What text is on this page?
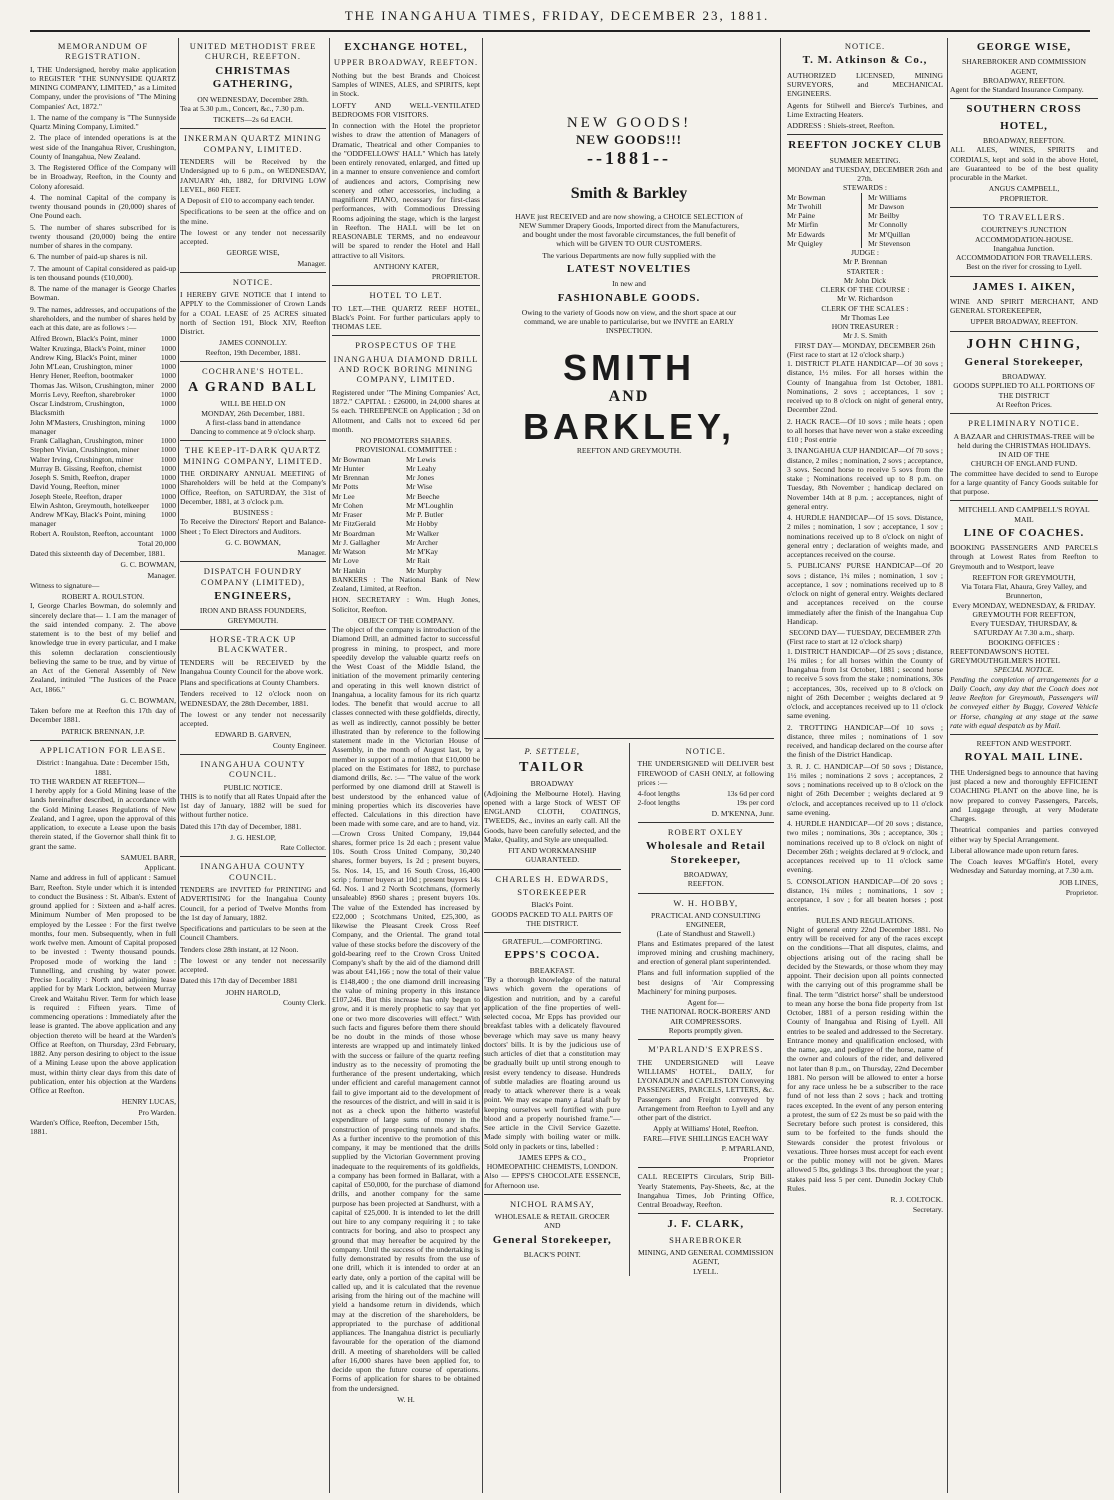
THE INANGAHUA TIMES, FRIDAY, DECEMBER 23, 1881.
MEMORANDUM OF REGISTRATION.

I, THE Undersigned, hereby make application to REGISTER "THE SUNNYSIDE QUARTZ MINING COMPANY, LIMITED," as a Limited Company, under the provisions of "The Mining Companies' Act, 1872."

1. The name of the company is "The Sunnyside Quartz Mining Company, Limited."

2. The place of intended operations is at the west side of the Inangahua River, Crushington, County of Inangahua, New Zealand.

3. The Registered Office of the Company will be in Broadway, Reefton, in the County and Colony aforesaid.

4. The nominal Capital of the company is twenty thousand pounds in (20,000) shares of One Pound each.

5. The number of shares subscribed for is twenty thousand (20,000) being the entire number of shares in the company.

6. The number of paid-up shares is nil.

7. The amount of Capital considered as paid-up is ten thousand pounds (£10,000).

8. The name of the manager is George Charles Bowman.

9. The names, addresses, and occupations of the shareholders, and the number of shares held by each at this date, are as follows :—

Alfred Brown, Black's Point, miner	1000
Walter Kruzinga, Black's Point, miner 1000
Andrew King, Black's Point, miner	1000
John M'Lean, Crushington, miner	1000
Henry Hener, Reefton, bootmaker	1000
Thomas Jas. Wilson, Crushington, miner 2000
Morris Levy, Reefton, sharebroker	1000
Oscar Lindstrom, Crushington, Blacksmith
1000
John M'Masters, Crushington, mining manager
1000
Frank Callaghan, Crushington, miner 1000
Stephen Vivian, Crushington, miner	1000
Walter Irving, Crushington, miner	1000
Murray B. Gissing, Reefton, chemist 1000
Joseph S. Smith, Reefton, draper	1000
David Young, Reefton, miner	1000
Joseph Steele, Reefton, draper	1000
Elwin Ashton, Greymouth, hotelkeeper 1000
Andrew M'Kay, Black's Point, mining manager
1000
Robert A. Roulston, Reefton, accountant 1000
Total 20,000

Dated this sixteenth day of December, 1881.

G. C. BOWMAN,
Manager.

Witness to signature—

ROBERT A. ROULSTON.

I, George Charles Bowman, do solemnly and sincerely declare that— 1. I am the manager of the said intended company. 2. The above statement is to the best of my belief and knowledge true in every particular, and I make this solemn declaration conscientiously believing the same to be true, and by virtue of an Act of the General Assembly of New Zealand, intituled "The Justices of the Peace Act, 1866."

G. C. BOWMAN,

Taken before me at Reefton this 17th day of December 1881.

PATRICK BRENNAN, J.P.
APPLICATION FOR LEASE.
District : Inangahua. Date : December 15th, 1881.
TO THE WARDEN AT REEFTON—

I hereby apply for a Gold Mining lease of the lands hereinafter described, in accordance with the Gold Mining Leases Regulations of New Zealand, and I agree, upon the approval of this application, to execute a Lease upon the basis therein stated, if the Governor shall think fit to grant the same.

SAMUEL BARR,
Applicant.

Name and address in full of applicant : Samuel Barr, Reefton. Style under which it is intended to conduct the Business : St. Alban's. Extent of ground applied for : Sixteen and a-half acres. Minimum Number of Men proposed to be employed by the Lessee : For the first twelve months, four men. Subsequently, when in full work twelve men. Amount of Capital proposed to be invested : Twenty thousand pounds. Proposed mode of working the land : Tunnelling, and crushing by water power. Precise Locality : North and adjoining lease applied for by Mark Lockton, between Murray Creek and Waitahu River. Term for which lease is required : Fifteen years. Time of commencing operations : Immediately after the lease is granted. The above application and any objection thereto will be heard at the Warden's Office at Reefton, on Thursday, 23rd February, 1882. Any person desiring to object to the issue of a Mining Lease upon the above application must, within thirty clear days from this date of publication, enter his objection at the Wardens Office at Reefton.

HENRY LUCAS,
Pro Warden.
Warden's Office, Reefton, December 15th, 1881.
UNITED METHODIST FREE CHURCH, REEFTON.
CHRISTMAS GATHERING,
ON WEDNESDAY, December 28th.

Tea at 5.30 p.m., Concert, &c., 7.30 p.m.

TICKETS—2s 6d EACH.
INKERMAN QUARTZ MINING COMPANY, LIMITED.

TENDERS will be Received by the Undersigned up to 6 p.m., on WEDNESDAY, JANUARY 4th, 1882, for DRIVING LOW LEVEL, 860 FEET.

A Deposit of £10 to accompany each tender.

Specifications to be seen at the office and on the mine.

The lowest or any tender not necessarily accepted.

GEORGE WISE,
Manager.
NOTICE.

I HEREBY GIVE NOTICE that I intend to APPLY to the Commissioner of Crown Lands for a COAL LEASE of 25 ACRES situated north of Section 191, Block XIV, Reefton District.

JAMES CONNOLLY.
Reefton, 19th December, 1881.
COCHRANE'S HOTEL.
A GRAND BALL
WILL BE HELD ON
MONDAY, 26th December, 1881.
A first-class band in attendance
Dancing to commence at 9 o'clock sharp.
THE KEEP-IT-DARK QUARTZ MINING COMPANY, LIMITED.

THE ORDINARY ANNUAL MEETING of Shareholders will be held at the Company's Office, Reefton, on SATURDAY, the 31st of December, 1881, at 3 o'clock p.m.

BUSINESS :

To Receive the Directors' Report and Balance-Sheet ; To Elect Directors and Auditors.

G. C. BOWMAN,
Manager.
DISPATCH FOUNDRY COMPANY (LIMITED),
ENGINEERS,
IRON AND BRASS FOUNDERS,
GREYMOUTH.
HORSE-TRACK UP BLACKWATER.

TENDERS will be RECEIVED by the Inangahua County Council for the above work.

Plans and specifications at County Chambers.

Tenders received to 12 o'clock noon on WEDNESDAY, the 28th December, 1881.

The lowest or any tender not necessarily accepted.

EDWARD B. GARVEN,
County Engineer.
INANGAHUA COUNTY COUNCIL.
PUBLIC NOTICE.

THIS is to notify that all Rates Unpaid after the 1st day of January, 1882 will be sued for without further notice.

Dated this 17th day of December, 1881.

J. G. HESLOP,
Rate Collector.
INANGAHUA COUNTY COUNCIL.

TENDERS are INVITED for PRINTING and ADVERTISING for the Inangahua County Council, for a period of Twelve Months from the 1st day of January, 1882.

Specifications and particulars to be seen at the Council Chambers.

Tenders close 28th instant, at 12 Noon.

The lowest or any tender not necessarily accepted.

Dated this 17th day of December 1881

JOHN HAROLD,
County Clerk.
EXCHANGE HOTEL,
UPPER BROADWAY, REEFTON.

Nothing but the best Brands and Choicest Samples of WINES, ALES, and SPIRITS, kept in Stock.

LOFTY AND WELL-VENTILATED BEDROOMS FOR VISITORS.

In connection with the Hotel the proprietor wishes to draw the attention of Managers of Dramatic, Theatrical and other Companies to the "ODDFELLOWS' HALL" Which has lately been entirely renovated, enlarged, and fitted up in a manner to ensure convenience and comfort of audiences and actors, Comprising new scenery and other accessories, including a magnificent PIANO, necessary for first-class performances, with Commodious Dressing Rooms adjoining the stage, which is the largest in Reefton. The HALL will be let on REASONABLE TERMS, and no endeavour will be spared to render the Hotel and Hall attractive to all Visitors.

ANTHONY KATER,
PROPRIETOR.
HOTEL TO LET.

TO LET.—THE QUARTZ REEF HOTEL, Black's Point. For further particulars apply to THOMAS LEE.

PROSPECTUS OF THE
INANGAHUA DIAMOND DRILL AND ROCK BORING MINING COMPANY, LIMITED.

Registered under "The Mining Companies' Act, 1872." CAPITAL : £26000, in 24,000 shares at 5s each. THREEPENCE on Application ; 3d on Allotment, and Calls not to exceed 6d per month.

NO PROMOTERS SHARES.
PROVISIONAL COMMITTEE :
Mr Bowman	Mr Lewis
Mr Hunter	Mr Leahy
Mr Brennan	Mr Jones
Mr Potts	Mr Wise
Mr Lee	Mr Beeche
Mr Cohen	Mr M'Loughlin
Mr Fraser	Mr P. Butler
Mr FitzGerald	Mr Hobby
Mr Boardman	Mr Walker
Mr J. Gallagher	Mr Archer
Mr Watson	Mr M'Kay
Mr Love	Mr Rait
Mr Hankin	Mr Murphy

BANKERS : The National Bank of New Zealand, Limited, at Reefton.

HON. SECRETARY : Wm. Hugh Jones, Solicitor, Reefton.

OBJECT OF THE COMPANY.

The object of the company is introduction of the Diamond Drill, an admitted factor to successful progress in mining, to prospect, and more speedily develop the valuable quartz reefs on the West Coast of the Middle Island, the initiation of the movement primarily centering and operating in this well known district of Inangahua, a locality famous for its rich quartz lodes. The benefit that would accrue to all classes connected with these goldfields, directly, as well as indirectly, cannot possibly be better illustrated than by reference to the following statement made in the Victorian House of Assembly, in the month of August last, by a member in support of a motion that £10,000 be placed on the Estimates for 1882, to purchase diamond drills, &c. :— "The value of the work performed by one diamond drill at Stawell is best understood by the enhanced value of mining properties which its discoveries have effected. Calculations in this direction have been made with some care, and are to hand, viz.—Crown Cross United Company, 19,044 shares, former price 1s 2d each ; present value 10s. South Cross United Company, 30,240 shares, former buyers, 1s 2d ; present buyers, 5s. Nos. 14, 15, and 16 South Cross, 16,400 scrip ; former buyers at 10d ; present buyers 14s 6d. Nos. 1 and 2 North Scotchmans, (formerly unsaleable) 8960 shares ; present buyers 10s. The value of the Extended has increased by £22,000 ; Scotchmans United, £25,300, as likewise the Pleasant Creek Cross Reef Company, and the Oriental. The grand total value of these stocks before the discovery of the gold-bearing reef to the Crown Cross United Company's shaft by the aid of the diamond drill was about £41,166 ; now the total of their value is £148,400 ; the one diamond drill increasing the value of mining property in this instance £107,246. But this increase has only begun to grow, and it is merely prophetic to say that yet one or two more discoveries will effect." With such facts and figures before them there should be no doubt in the minds of those whose interests are wrapped up and intimately linked with the success or failure of the quartz reefing industry as to the necessity of promoting the furtherance of the present undertaking, which under efficient and careful management cannot fail to give important aid to the development of the resources of the district, and will in said it is not as a check upon the hitherto wasteful expenditure of large sums of money in the construction of prospecting tunnels and shafts. As a further incentive to the promotion of this company, it may be mentioned that the drills supplied by the Victorian Government proving inadequate to the requirements of its goldfields, a company has been formed in Ballarat, with a capital of £50,000, for the purchase of diamond drills, and another company for the same purpose has been projected at Sandhurst, with a capital of £25,000. It is intended to let the drill out hire to any company requiring it ; to take contracts for boring, and also to prospect any ground that may hereafter be acquired by the company. Until the success of the undertaking is fully demonstrated by results from the use of one drill, which it is intended to order at an early date, only a portion of the capital will be called up, and it is calculated that the revenue arising from the hiring out of the machine will yield a handsome return in dividends, which may at the discretion of the shareholders, be appropriated to the purchase of additional appliances. The Inangahua district is peculiarly favourable for the operation of the diamond drill. A meeting of shareholders will be called after 16,000 shares have been applied for, to decide upon the future course of operations. Forms of application for shares to be obtained from the undersigned.

W. H.
NEW GOODS!
NEW GOODS!!!
--1881--
Smith & Barkley

HAVE just RECEIVED and are now showing, a CHOICE SELECTION of NEW Summer Drapery Goods, Imported direct from the Manufacturers, and bought under the most favorable circumstances, the full benefit of which will be GIVEN TO OUR CUSTOMERS.

The various Departments are now fully supplied with the

LATEST NOVELTIES
In new and
FASHIONABLE GOODS.

Owing to the variety of Goods now on view, and the short space at our command, we are unable to particularise, but we INVITE an EARLY INSPECTION.

SMITH
AND
BARKLEY,
REEFTON AND GREYMOUTH.
P. SETTELE,
TAILOR
BROADWAY

(Adjoining the Melbourne Hotel). Having opened with a large Stock of WEST OF ENGLAND CLOTH, COATINGS, TWEEDS, &c., invites an early call. All the Goods, have been carefully selected, and the Make, Quality, and Style are unequalled.

FIT AND WORKMANSHIP GUARANTEED.
CHARLES H. EDWARDS,
STOREKEEPER
Black's Point.
GOODS PACKED TO ALL PARTS OF THE DISTRICT.
GRATEFUL.—COMFORTING.
EPPS'S COCOA.
BREAKFAST.

"By a thorough knowledge of the natural laws which govern the operations of digestion and nutrition, and by a careful application of the fine properties of well-selected cocoa, Mr Epps has provided our breakfast tables with a delicately flavoured beverage which may save us many heavy doctors' bills. It is by the judicious use of such articles of diet that a constitution may be gradually built up until strong enough to resist every tendency to disease. Hundreds of subtle maladies are floating around us ready to attack wherever there is a weak point. We may escape many a fatal shaft by keeping ourselves well fortified with pure blood and a properly nourished frame."—See article in the Civil Service Gazette. Made simply with boiling water or milk. Sold only in packets or tins, labelled :

JAMES EPPS & CO.,
HOMEOPATHIC CHEMISTS, LONDON.

Also — EPPS'S CHOCOLATE ESSENCE, for Afternoon use.

NICHOL RAMSAY,
WHOLESALE & RETAIL GROCER
AND
General Storekeeper,
BLACK'S POINT.
NOTICE.

THE UNDERSIGNED will DELIVER best FIREWOOD of CASH ONLY, at following prices :—

4-foot lengths	13s 6d per cord
2-foot lengths	19s per cord
D. M'KENNA, Junr.
ROBERT OXLEY
Wholesale and Retail Storekeeper,
BROADWAY,
REEFTON.
W. H. HOBBY,
PRACTICAL AND CONSULTING ENGINEER,
(Late of Standhust and Stawell.)

Plans and Estimates prepared of the latest improved mining and crushing machinery, and erection of general plant superintended.

Plans and full information supplied of the best designs of 'Air Compressing Machinery' for mining purposes.

Agent for—
THE NATIONAL ROCK-BORERS' AND AIR COMPRESSORS.
Reports promptly given.
M'PARLAND'S EXPRESS.

THE UNDERSIGNED will Leave WILLIAMS' HOTEL, DAILY, for LYONADUN and CAPLESTON Conveying PASSENGERS, PARCELS, LETTERS, &c. Passengers and Freight conveyed by Arrangement from Reefton to Lyell and any other part of the district.

Apply at Williams' Hotel, Reefton.
FARE—FIVE SHILLINGS EACH WAY
P. M'PARLAND,
Proprietor

CALL RECEIPTS Circulars, Strip Bill-Yearly Statements, Pay-Sheets, &c, at the Inangahua Times, Job Printing Office, Central Broadway, Reefton.

J. F. CLARK,
SHAREBROKER
MINING, AND GENERAL COMMISSION AGENT,
LYELL.
NOTICE.
T. M. Atkinson & Co.,

AUTHORIZED LICENSED, MINING SURVEYORS, and MECHANICAL ENGINEERS.

Agents for Stilwell and Bierce's Turbines, and Lime Extracting Heaters.

ADDRESS : Shiels-street, Reefton.

REEFTON JOCKEY CLUB
SUMMER MEETING.
MONDAY and TUESDAY, DECEMBER 26th and 27th.
STEWARDS :
Mr Bowman	Mr Williams
Mr Twohill	Mr Dawson
Mr Paine	Mr Beilby
Mr Mirfin	Mr Connolly
Mr Edwards	Mr M'Quillan
Mr Quigley	Mr Stevenson
JUDGE :
Mr P. Brennan
STARTER :
Mr John Dick
CLERK OF THE COURSE :
Mr W. Richardson
CLERK OF THE SCALES :
Mr Thomas Lee
HON TREASURER :
Mr J. S. Smith
FIRST DAY— MONDAY, DECEMBER 26th
(First race to start at 12 o'clock sharp.)

1. DISTRICT PLATE HANDICAP—Of 30 sovs ; distance, 1½ miles. For all horses within the County of Inangahua from 1st October, 1881. Nominations, 2 sovs ; acceptances, 1 sov ; received up to 8 o'clock on night of general entry, December 22nd.

2. HACK RACE—Of 10 sovs ; mile heats ; open to all horses that have never won a stake exceeding £10 ; Post entrie

3. INANGAHUA CUP HANDICAP—Of 70 sovs ; distance, 2 miles ; nomination, 2 sovs ; acceptance, 3 sovs. Second horse to receive 5 sovs from the stake ; Nominations received up to 8 p.m. on Tuesday, 8th November ; handicap declared on November 14th at 8 p.m. ; acceptances, night of general entry.

4. HURDLE HANDICAP—Of 15 sovs. Distance, 2 miles ; nomination, 1 sov ; acceptance, 1 sov ; nominations received up to 8 o'clock on night of general entry ; declaration of weights made, and acceptances received on the course.

5. PUBLICANS' PURSE HANDICAP—Of 20 sovs ; distance, 1¼ miles ; nomination, 1 sov ; acceptance, 1 sov ; nominations received up to 8 o'clock on night of general entry. Weights declared and acceptances received on the course immediately after the finish of the Inangahua Cup Handicap.

SECOND DAY— TUESDAY, DECEMBER 27th
(First race to start at 12 o'clock sharp)

1. DISTRICT HANDICAP—Of 25 sovs ; distance, 1¼ miles ; for all horses within the County of Inangahua from 1st October, 1881 ; second horse to receive 5 sovs from the stake ; nominations, 30s ; acceptances, 30s, received up to 8 o'clock on night of 26th December ; weights declared at 9 o'clock, and acceptances received up to 11 o'clock same evening.

2. TROTTING HANDICAP—Of 10 sovs ; distance, three miles ; nominations of 1 sov received, and handicap declared on the course after the finish of the District Handicap.

3. R. J. C. HANDICAP—Of 50 sovs ; Distance, 1½ miles ; nominations 2 sovs ; acceptances, 2 sovs ; nominations received up to 8 o'clock on the night of 26th December ; weights declared at 9 o'clock, and acceptances received up to 11 o'clock same evening.

4. HURDLE HANDICAP—Of 20 sovs ; distance, two miles ; nominations, 30s ; acceptance, 30s ; nominations received up to 8 o'clock on night of December 26th ; weights declared at 9 o'clock, and acceptances received up to 11 o'clock same evening.

5. CONSOLATION HANDICAP—Of 20 sovs ; distance, 1¼ miles ; nominations, 1 sov ; acceptance, 1 sov ; for all beaten horses ; post entries.

RULES AND REGULATIONS.

Night of general entry 22nd December 1881. No entry will be received for any of the races except on the conditions—That all disputes, claims, and objections arising out of the racing shall be decided by the Stewards, or those whom they may appoint. Their decision upon all points connected with the carrying out of this programme shall be final. The term "district horse" shall be understood to mean any horse the bona fide property from 1st October, 1881 of a person residing within the County of Inangahua and Rising of Lyell. All entries to be sealed and addressed to the Secretary. Entrance money and qualification enclosed, with the name, age, and pedigree of the horse, name of the owner and colours of the rider, and delivered not later than 8 p.m., on Thursday, 22nd December 1881. No person will be allowed to enter a horse for any race unless he be a subscriber to the race fund of not less than 2 sovs ; hack and trotting races excepted. In the event of any person entering a protest, the sum of £2 2s must be so paid with the Secretary before such protest is considered, this sum to be forfeited to the funds should the Stewards consider the protest frivolous or vexatious. Three horses must accept for each event or the public money will not be given. Mares allowed 5 lbs, geldings 3 lbs. throughout the year ; stakes paid less 5 per cent. Dunedin Jockey Club Rules.

R. J. COLTOCK.
Secretary.
GEORGE WISE,
SHAREBROKER AND COMMISSION AGENT,
BROADWAY, REEFTON.

Agent for the Standard Insurance Company.

SOUTHERN CROSS
HOTEL,
BROADWAY, REEFTON.

ALL ALES, WINES, SPIRITS and CORDIALS, kept and sold in the above Hotel, are Guaranteed to be of the best quality procurable in the Market.

ANGUS CAMPBELL,
PROPRIETOR.
TO TRAVELLERS.
COURTNEY'S JUNCTION ACCOMMODATION-HOUSE.
Inangahua Junction.
ACCOMMODATION FOR TRAVELLERS.
Best on the river for crossing to Lyell.
JAMES I. AIKEN,

WINE AND SPIRIT MERCHANT, AND GENERAL STOREKEEPER,

UPPER BROADWAY, REEFTON.
JOHN CHING,
General Storekeeper,
BROADWAY.
GOODS SUPPLIED TO ALL PORTIONS OF THE DISTRICT
At Reefton Prices.
PRELIMINARY NOTICE.
A BAZAAR and CHRISTMAS-TREE will be held during the CHRISTMAS HOLIDAYS.
IN AID OF THE
CHURCH OF ENGLAND FUND.

The committee have decided to send to Europe for a large quantity of Fancy Goods suitable for that purpose.

MITCHELL AND CAMPBELL'S ROYAL MAIL
LINE OF COACHES.

BOOKING PASSENGERS AND PARCELS through at Lowest Rates from Reefton to Greymouth and to Westport, leave

REEFTON FOR GREYMOUTH,
Via Totara Flat, Ahaura, Grey Valley, and Brunnerton,
Every MONDAY, WEDNESDAY, & FRIDAY.
GREYMOUTH FOR REEFTON,
Every TUESDAY, THURSDAY, & SATURDAY At 7.30 a.m., sharp.
BOOKING OFFICES :
REEFTONDAWSON'S HOTEL
GREYMOUTHGILMER'S HOTEL
SPECIAL NOTICE.

Pending the completion of arrangements for a Daily Coach, any day that the Coach does not leave Reefton for Greymouth, Passengers will be conveyed either by Buggy, Covered Vehicle or Horse, changing at any stage at the same rate with equal despatch as by Mail.

REEFTON AND WESTPORT.
ROYAL MAIL LINE.

THE Undersigned begs to announce that having just placed a new and thoroughly EFFICIENT COACHING PLANT on the above line, he is now prepared to convey Passengers, Parcels, and Luggage through, at very Moderate Charges.

Theatrical companies and parties conveyed either way by Special Arrangement.

Liberal allowance made upon return fares.

The Coach leaves M'Gaffin's Hotel, every Wednesday and Saturday morning, at 7.30 a.m.

JOB LINES,
Proprietor.
